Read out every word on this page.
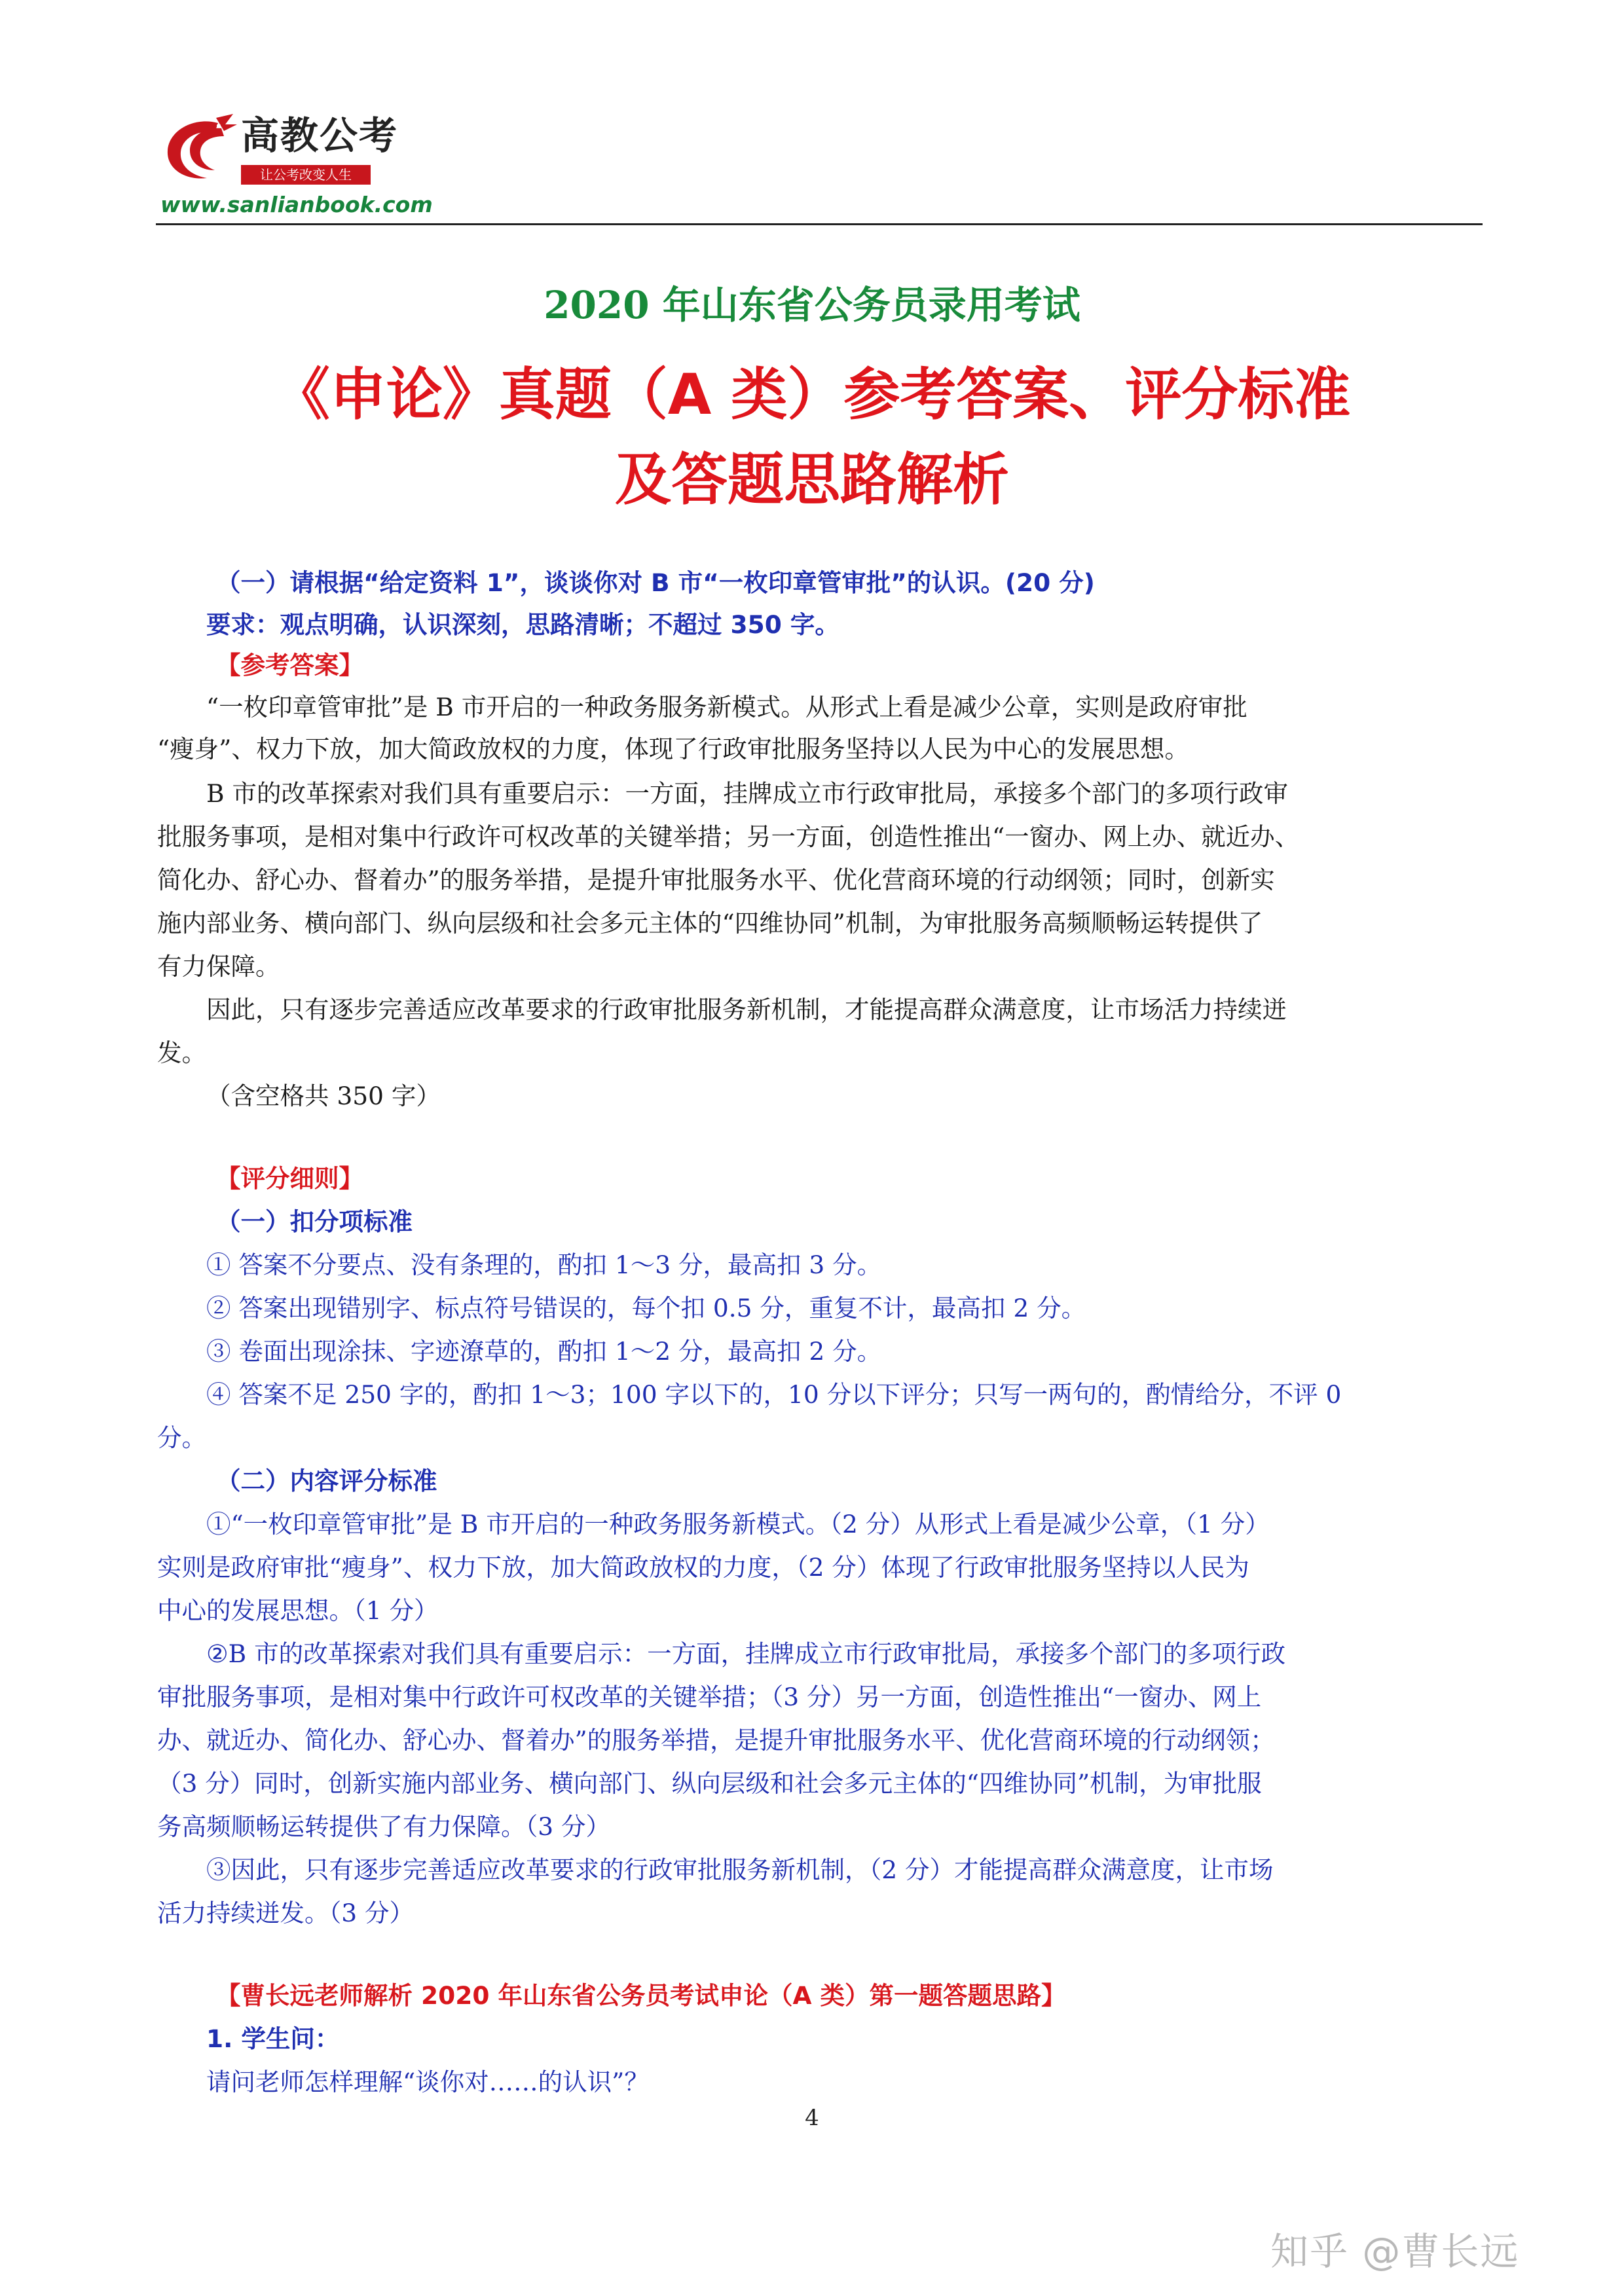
高教公考
让公考改变人生
www.sanlianbook.com
2020 年山东省公务员录用考试
《申论》真题（A 类）参考答案、评分标准
及答题思路解析
（一）请根据“给定资料 1”，谈谈你对 B 市“一枚印章管审批”的认识。(20 分)
要求：观点明确，认识深刻，思路清晰；不超过 350 字。
【参考答案】
“一枚印章管审批”是 B 市开启的一种政务服务新模式。从形式上看是减少公章，实则是政府审批
“瘦身”、权力下放，加大简政放权的力度，体现了行政审批服务坚持以人民为中心的发展思想。
B 市的改革探索对我们具有重要启示：一方面，挂牌成立市行政审批局，承接多个部门的多项行政审
批服务事项，是相对集中行政许可权改革的关键举措；另一方面，创造性推出“一窗办、网上办、就近办、
简化办、舒心办、督着办”的服务举措，是提升审批服务水平、优化营商环境的行动纲领；同时，创新实
施内部业务、横向部门、纵向层级和社会多元主体的“四维协同”机制，为审批服务高频顺畅运转提供了
有力保障。
因此，只有逐步完善适应改革要求的行政审批服务新机制，才能提高群众满意度，让市场活力持续迸
发。
（含空格共 350 字）
【评分细则】
（一）扣分项标准
① 答案不分要点、没有条理的，酌扣 1～3 分，最高扣 3 分。
② 答案出现错别字、标点符号错误的，每个扣 0.5 分，重复不计，最高扣 2 分。
③ 卷面出现涂抹、字迹潦草的，酌扣 1～2 分，最高扣 2 分。
④ 答案不足 250 字的，酌扣 1～3；100 字以下的，10 分以下评分；只写一两句的，酌情给分，不评 0
分。
（二）内容评分标准
①“一枚印章管审批”是 B 市开启的一种政务服务新模式。（2 分）从形式上看是减少公章，（1 分）
实则是政府审批“瘦身”、权力下放，加大简政放权的力度，（2 分）体现了行政审批服务坚持以人民为
中心的发展思想。（1 分）
②B 市的改革探索对我们具有重要启示：一方面，挂牌成立市行政审批局，承接多个部门的多项行政
审批服务事项，是相对集中行政许可权改革的关键举措；（3 分）另一方面，创造性推出“一窗办、网上
办、就近办、简化办、舒心办、督着办”的服务举措，是提升审批服务水平、优化营商环境的行动纲领；
（3 分）同时，创新实施内部业务、横向部门、纵向层级和社会多元主体的“四维协同”机制，为审批服
务高频顺畅运转提供了有力保障。（3 分）
③因此，只有逐步完善适应改革要求的行政审批服务新机制，（2 分）才能提高群众满意度，让市场
活力持续迸发。（3 分）
【曹长远老师解析 2020 年山东省公务员考试申论（A 类）第一题答题思路】
1. 学生问：
请问老师怎样理解“谈你对……的认识”？
4
知乎 @曹长远
